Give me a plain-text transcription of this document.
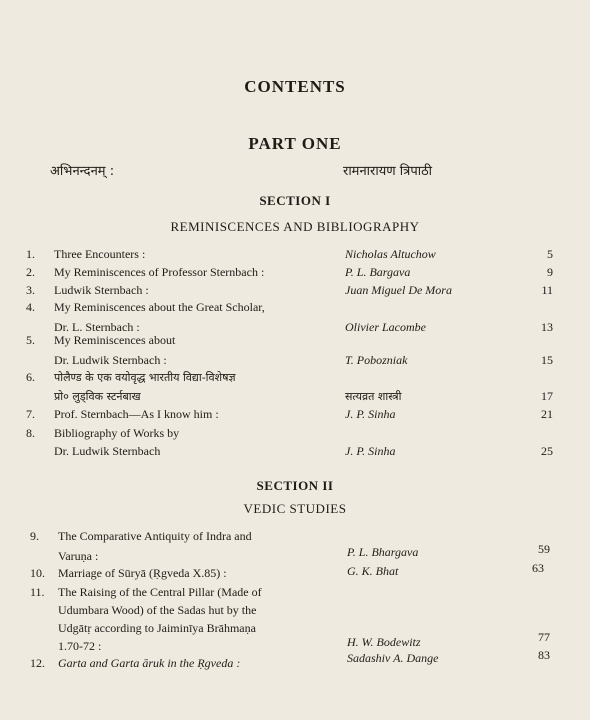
CONTENTS
PART ONE
अभिनन्दनम् :	रामनारायण त्रिपाठी
SECTION I
REMINISCENCES AND BIBLIOGRAPHY
1.	Three Encounters :	Nicholas Altuchow	5
2.	My Reminiscences of Professor Sternbach :	P. L. Bargava	9
3.	Ludwik Sternbach :	Juan Miguel De Mora	11
4.	My Reminiscences about the Great Scholar,
Dr. L. Sternbach :	Olivier Lacombe	13
5.	My Reminiscences about
Dr. Ludwik Sternbach :	T. Pobozniak	15
6.	पोलैण्ड के एक वयोवृद्ध भारतीय विद्या-विशेषज्ञ
प्रो० लुड्विक स्टर्नबाख	सत्यव्रत शास्त्री	17
7.	Prof. Sternbach—As I know him :	J. P. Sinha	21
8.	Bibliography of Works by
Dr. Ludwik Sternbach	J. P. Sinha	25
SECTION II
VEDIC STUDIES
9.	The Comparative Antiquity of Indra and
Varuṇa :	P. L. Bhargava	59
10.	Marriage of Sūryā (Ṛgveda X.85) :	G. K. Bhat	63
11.	The Raising of the Central Pillar (Made of
Udumbara Wood) of the Sadas hut by the
Udgātṛ according to Jaiminīya Brāhmaṇa
1.70-72 :	H. W. Bodewitz	77
12.	Garta and Garta āruk in the Ṛgveda :	Sadashiv A. Dange	83
